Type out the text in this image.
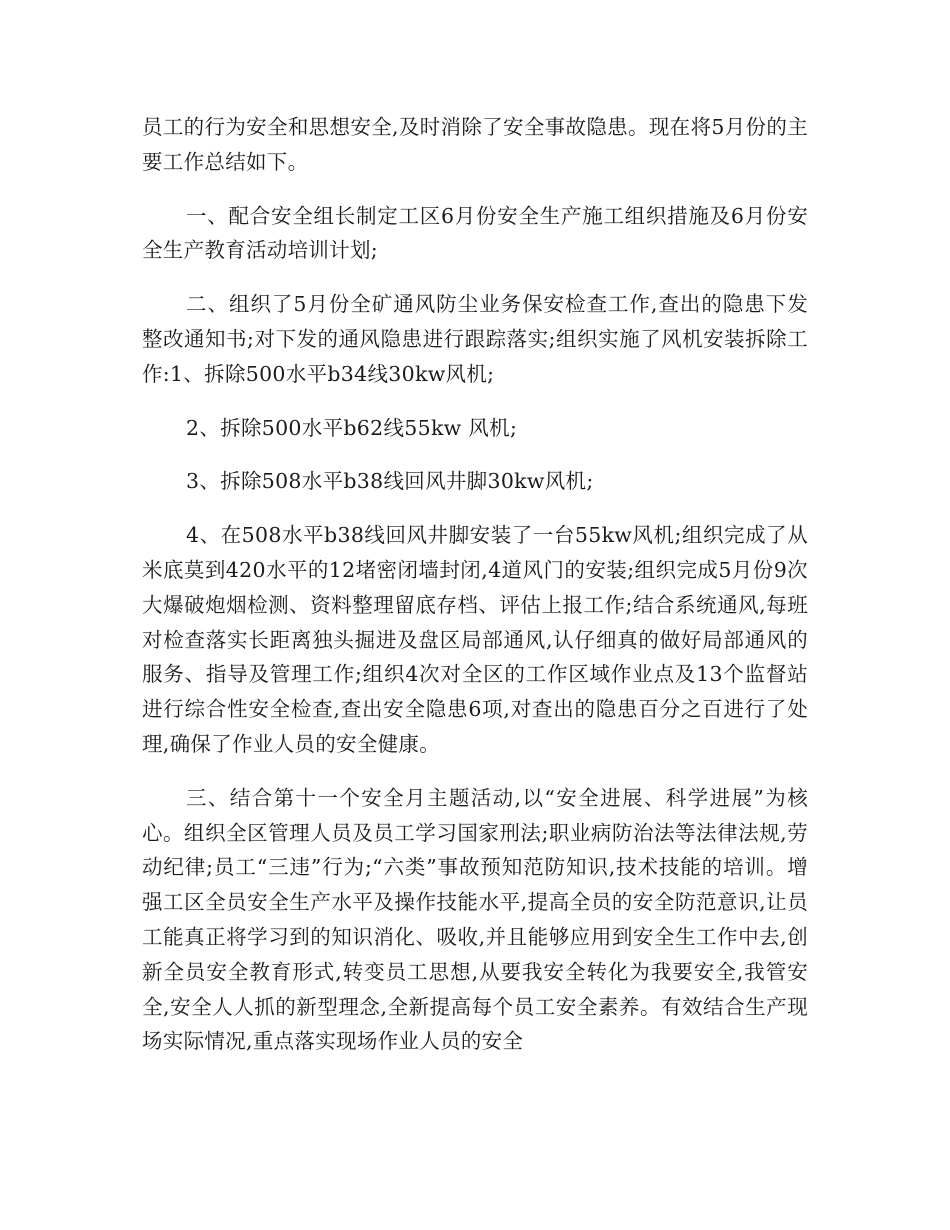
员工的行为安全和思想安全,及时消除了安全事故隐患。现在将5月份的主要工作总结如下。

一、配合安全组长制定工区6月份安全生产施工组织措施及6月份安全生产教育活动培训计划;

二、组织了5月份全矿通风防尘业务保安检查工作,查出的隐患下发整改通知书;对下发的通风隐患进行跟踪落实;组织实施了风机安装拆除工作:1、拆除500水平b34线30kw风机;

2、拆除500水平b62线55kw 风机;

3、拆除508水平b38线回风井脚30kw风机;

4、在508水平b38线回风井脚安装了一台55kw风机;组织完成了从米底莫到420水平的12堵密闭墙封闭,4道风门的安装;组织完成5月份9次大爆破炮烟检测、资料整理留底存档、评估上报工作;结合系统通风,每班对检查落实长距离独头掘进及盘区局部通风,认仔细真的做好局部通风的服务、指导及管理工作;组织4次对全区的工作区域作业点及13个监督站进行综合性安全检查,查出安全隐患6项,对查出的隐患百分之百进行了处理,确保了作业人员的安全健康。

三、结合第十一个安全月主题活动,以“安全进展、科学进展”为核心。组织全区管理人员及员工学习国家刑法;职业病防治法等法律法规,劳动纪律;员工“三违”行为;“六类”事故预知范防知识,技术技能的培训。增强工区全员安全生产水平及操作技能水平,提高全员的安全防范意识,让员工能真正将学习到的知识消化、吸收,并且能够应用到安全生工作中去,创新全员安全教育形式,转变员工思想,从要我安全转化为我要安全,我管安全,安全人人抓的新型理念,全新提高每个员工安全素养。有效结合生产现场实际情况,重点落实现场作业人员的安全
